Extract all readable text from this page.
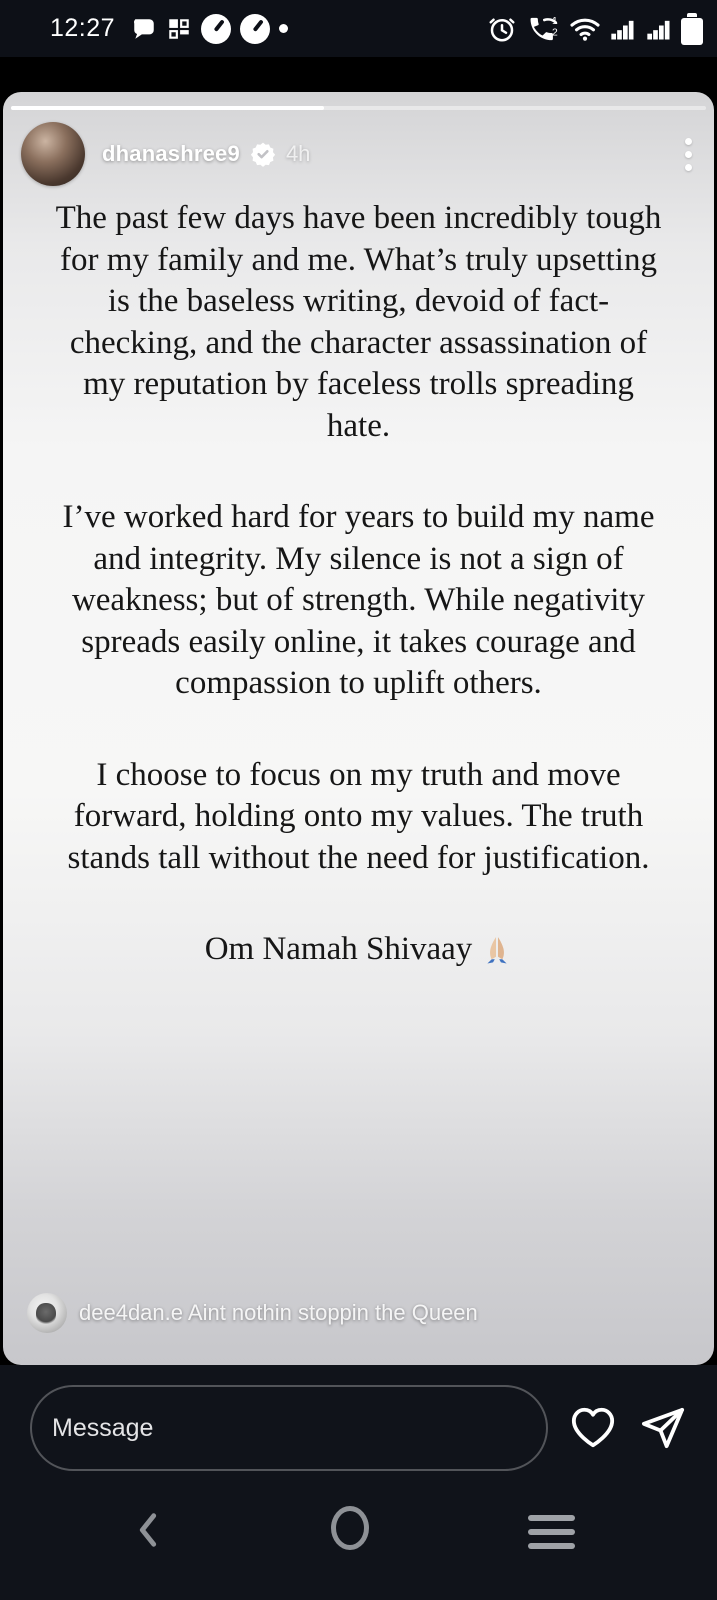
12:27	1
2
dhanashree9 4h

The past few days have been incredibly tough for my family and me. What’s truly upsetting is the baseless writing, devoid of fact-checking, and the character assassination of my reputation by faceless trolls spreading hate.

I’ve worked hard for years to build my name and integrity. My silence is not a sign of weakness; but of strength. While negativity spreads easily online, it takes courage and compassion to uplift others.

I choose to focus on my truth and move forward, holding onto my values. The truth stands tall without the need for justification.

Om Namah Shivaay

dee4dan.e Aint nothin stoppin the Queen
Message
